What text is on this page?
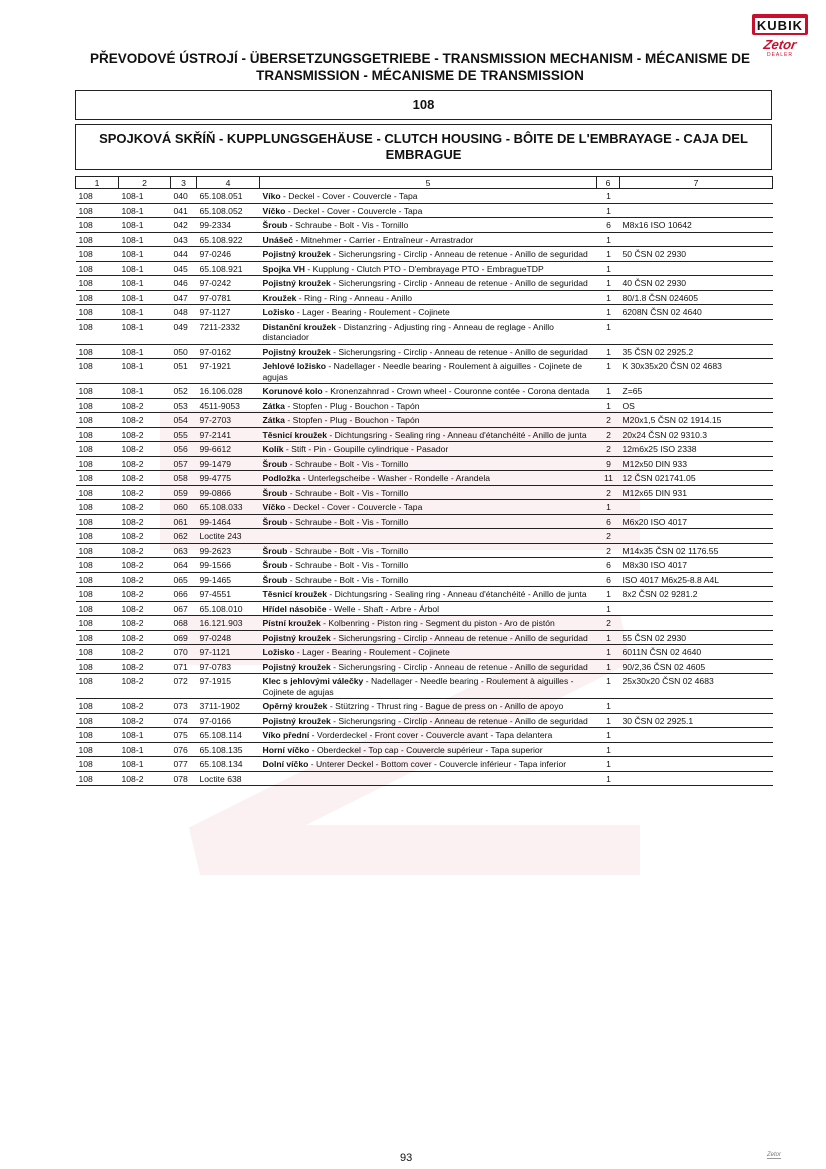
KUBIK
Zetor
DEALER
PŘEVODOVÉ ÚSTROJÍ - ÜBERSETZUNGSGETRIEBE - TRANSMISSION MECHANISM - MÉCANISME DE TRANSMISSION - MÉCANISME DE TRANSMISSION
108
SPOJKOVÁ SKŘÍŇ - KUPPLUNGSGEHÄUSE - CLUTCH HOUSING - BÔITE DE L'EMBRAYAGE - CAJA DEL EMBRAGUE
1	2	3	4	5	6	7
108	108-1	040	65.108.051	Víko - Deckel - Cover - Couvercle - Tapa	1	
108	108-1	041	65.108.052	Víčko - Deckel - Cover - Couvercle - Tapa	1	
108	108-1	042	99-2334	Šroub - Schraube - Bolt - Vis - Tornillo	6	M8x16 ISO 10642
108	108-1	043	65.108.922	Unášeč - Mitnehmer - Carrier - Entraîneur - Arrastrador	1	
108	108-1	044	97-0246	Pojistný kroužek - Sicherungsring - Circlip - Anneau de retenue - Anillo de seguridad	1	50 ČSN 02 2930
108	108-1	045	65.108.921	Spojka VH - Kupplung - Clutch PTO - D'embrayage PTO - EmbragueTDP	1	
108	108-1	046	97-0242	Pojistný kroužek - Sicherungsring - Circlip - Anneau de retenue - Anillo de seguridad	1	40 ČSN 02 2930
108	108-1	047	97-0781	Kroužek - Ring - Ring - Anneau - Anillo	1	80/1.8 ČSN 024605
108	108-1	048	97-1127	Ložisko - Lager - Bearing - Roulement - Cojinete	1	6208N ČSN 02 4640
108	108-1	049	7211-2332	Distanční kroužek - Distanzring - Adjusting ring - Anneau de reglage - Anillo distanciador	1	
108	108-1	050	97-0162	Pojistný kroužek - Sicherungsring - Circlip - Anneau de retenue - Anillo de seguridad	1	35 ČSN 02 2925.2
108	108-1	051	97-1921	Jehlové ložisko - Nadellager - Needle bearing - Roulement à aiguilles - Cojinete de agujas	1	K 30x35x20 ČSN 02 4683
108	108-1	052	16.106.028	Korunové kolo - Kronenzahnrad - Crown wheel - Couronne contée - Corona dentada	1	Z=65
108	108-2	053	4511-9053	Zátka - Stopfen - Plug - Bouchon - Tapón	1	OS
108	108-2	054	97-2703	Zátka - Stopfen - Plug - Bouchon - Tapón	2	M20x1,5 ČSN 02 1914.15
108	108-2	055	97-2141	Těsnicí kroužek - Dichtungsring - Sealing ring - Anneau d'étanchéité - Anillo de junta	2	20x24 ČSN 02 9310.3
108	108-2	056	99-6612	Kolík - Stift - Pin - Goupille cylindrique - Pasador	2	12m6x25 ISO 2338
108	108-2	057	99-1479	Šroub - Schraube - Bolt - Vis - Tornillo	9	M12x50 DIN 933
108	108-2	058	99-4775	Podložka - Unterlegscheibe - Washer - Rondelle - Arandela	11	12 ČSN 021741.05
108	108-2	059	99-0866	Šroub - Schraube - Bolt - Vis - Tornillo	2	M12x65 DIN 931
108	108-2	060	65.108.033	Víčko - Deckel - Cover - Couvercle - Tapa	1	
108	108-2	061	99-1464	Šroub - Schraube - Bolt - Vis - Tornillo	6	M6x20 ISO 4017
108	108-2	062	Loctite 243		2	
108	108-2	063	99-2623	Šroub - Schraube - Bolt - Vis - Tornillo	2	M14x35 ČSN 02 1176.55
108	108-2	064	99-1566	Šroub - Schraube - Bolt - Vis - Tornillo	6	M8x30 ISO 4017
108	108-2	065	99-1465	Šroub - Schraube - Bolt - Vis - Tornillo	6	ISO 4017 M6x25-8.8 A4L
108	108-2	066	97-4551	Těsnicí kroužek - Dichtungsring - Sealing ring - Anneau d'étanchéité - Anillo de junta	1	8x2 ČSN 02 9281.2
108	108-2	067	65.108.010	Hřídel násobiče - Welle - Shaft - Arbre - Árbol	1	
108	108-2	068	16.121.903	Pístní kroužek - Kolbenring - Piston ring - Segment du piston - Aro de pistón	2	
108	108-2	069	97-0248	Pojistný kroužek - Sicherungsring - Circlip - Anneau de retenue - Anillo de seguridad	1	55 ČSN 02 2930
108	108-2	070	97-1121	Ložisko - Lager - Bearing - Roulement - Cojinete	1	6011N ČSN 02 4640
108	108-2	071	97-0783	Pojistný kroužek - Sicherungsring - Circlip - Anneau de retenue - Anillo de seguridad	1	90/2,36 ČSN 02 4605
108	108-2	072	97-1915	Klec s jehlovými válečky - Nadellager - Needle bearing - Roulement à aiguilles - Cojinete de agujas	1	25x30x20 ČSN 02 4683
108	108-2	073	3711-1902	Opěrný kroužek - Stützring - Thrust ring - Bague de press on - Anillo de apoyo	1	
108	108-2	074	97-0166	Pojistný kroužek - Sicherungsring - Circlip - Anneau de retenue - Anillo de seguridad	1	30 ČSN 02 2925.1
108	108-1	075	65.108.114	Víko přední - Vorderdeckel - Front cover - Couvercle avant - Tapa delantera	1	
108	108-1	076	65.108.135	Horní víčko - Oberdeckel - Top cap - Couvercle supérieur - Tapa superior	1	
108	108-1	077	65.108.134	Dolní víčko - Unterer Deckel - Bottom cover - Couvercle inférieur - Tapa inferior	1	
108	108-2	078	Loctite 638		1	
93	Zetor
